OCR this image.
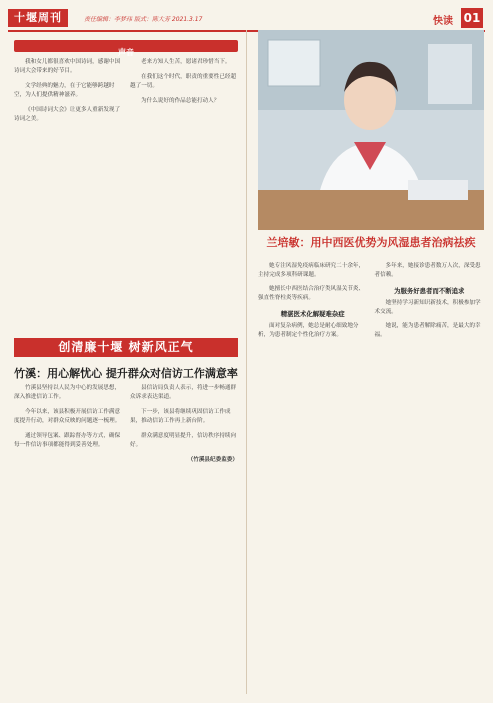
十堰周刊	责任编辑：李梦玮 版式：陈大芳 2021.3.17	快读 01
声音

我和女儿都很喜欢中国诗词，感谢中国诗词大会带来的好节目。

文学经典的魅力，在于它能够跨越时空，为人们提供精神滋养。

《中国诗词大会》让更多人重新发现了诗词之美。

老来方知人生苦，愿诸君珍惜当下。

在我们这个时代，职责的重要性已经超越了一切。

为什么说好的作品总能打动人？

创清廉十堰 树新风正气
竹溪：用心解忧心 提升群众对信访工作满意率

竹溪县坚持以人民为中心的发展思想，深入推进信访工作。

今年以来，该县积极开展信访工作满意度提升行动，对群众反映的问题逐一梳理。

通过领导包案、跟踪督办等方式，确保每一件信访事项都能得到妥善处理。

县信访局负责人表示，将进一步畅通群众诉求表达渠道。

下一步，该县将继续巩固信访工作成果，推动信访工作再上新台阶。

群众满意度明显提升，信访秩序持续向好。

（竹溪县纪委监委）

兰培敏：用中西医优势为风湿患者治病祛疾

她专注风湿免疫病临床研究二十余年，主持完成多项科研课题。

她擅长中西医结合治疗类风湿关节炎、强直性脊柱炎等疾病。

精湛医术化解疑难杂症

面对复杂病例，她总是耐心细致地分析，为患者制定个性化治疗方案。

多年来，她接诊患者数万人次，深受患者信赖。

为服务好患者而不断追求

她坚持学习新知识新技术，积极参加学术交流。

她说，能为患者解除痛苦，是最大的幸福。
